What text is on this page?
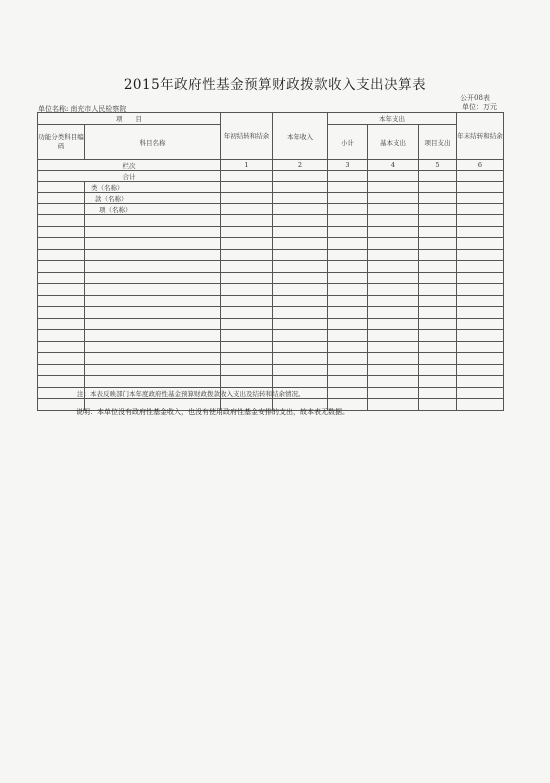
2015年政府性基金预算财政拨款收入支出决算表
公开08表
单位名称: 南充市人民检察院	单位：万元
项　　目		年初结转和结余	本年收入	本年支出			年末结转和结余
功能分类科目编码	科目名称			小计	基本支出	项目支出	
栏次		1	2	3	4	5	6
合计							
	类（名称）						
	款（名称）						
	项（名称）						

注：本表反映部门本年度政府性基金预算财政拨款收入支出及结转和结余情况。
说明：本单位没有政府性基金收入，也没有使用政府性基金安排的支出，故本表无数据。
